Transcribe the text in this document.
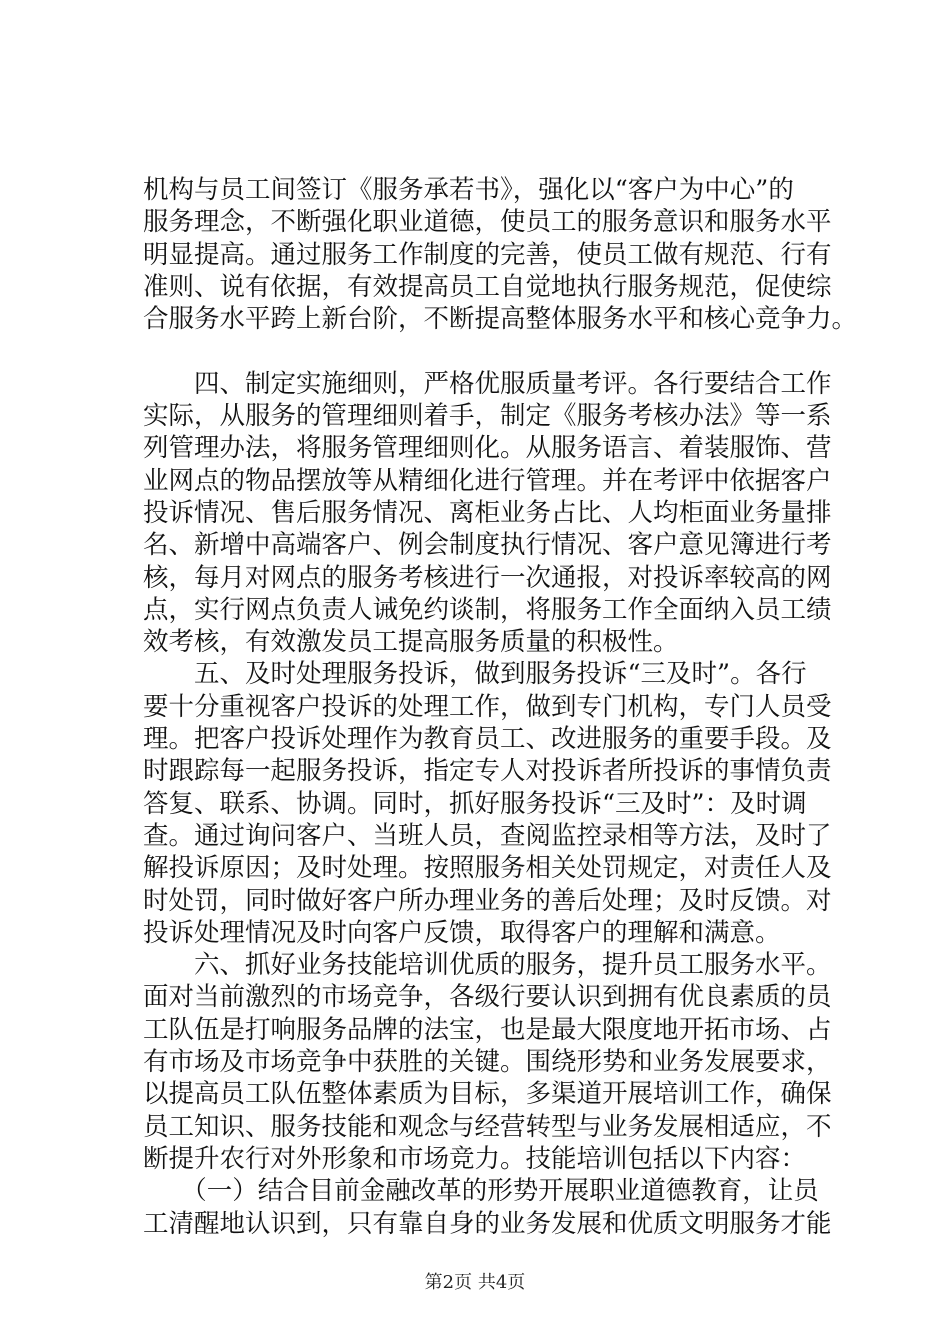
机构与员工间签订《服务承若书》，强化以“客户为中心”的
服务理念，不断强化职业道德，使员工的服务意识和服务水平
明显提高。通过服务工作制度的完善，使员工做有规范、行有
准则、说有依据，有效提高员工自觉地执行服务规范，促使综
合服务水平跨上新台阶，不断提高整体服务水平和核心竞争力。
　　四、制定实施细则，严格优服质量考评。各行要结合工作
实际，从服务的管理细则着手，制定《服务考核办法》等一系
列管理办法，将服务管理细则化。从服务语言、着装服饰、营
业网点的物品摆放等从精细化进行管理。并在考评中依据客户
投诉情况、售后服务情况、离柜业务占比、人均柜面业务量排
名、新增中高端客户、例会制度执行情况、客户意见簿进行考
核，每月对网点的服务考核进行一次通报，对投诉率较高的网
点，实行网点负责人诫免约谈制，将服务工作全面纳入员工绩
效考核，有效激发员工提高服务质量的积极性。
　　五、及时处理服务投诉，做到服务投诉“三及时”。各行
要十分重视客户投诉的处理工作，做到专门机构，专门人员受
理。把客户投诉处理作为教育员工、改进服务的重要手段。及
时跟踪每一起服务投诉，指定专人对投诉者所投诉的事情负责
答复、联系、协调。同时，抓好服务投诉“三及时”：及时调
查。通过询问客户、当班人员，查阅监控录相等方法，及时了
解投诉原因；及时处理。按照服务相关处罚规定，对责任人及
时处罚，同时做好客户所办理业务的善后处理；及时反馈。对
投诉处理情况及时向客户反馈，取得客户的理解和满意。
　　六、抓好业务技能培训优质的服务，提升员工服务水平。
面对当前激烈的市场竞争，各级行要认识到拥有优良素质的员
工队伍是打响服务品牌的法宝，也是最大限度地开拓市场、占
有市场及市场竞争中获胜的关键。围绕形势和业务发展要求，
以提高员工队伍整体素质为目标，多渠道开展培训工作，确保
员工知识、服务技能和观念与经营转型与业务发展相适应，不
断提升农行对外形象和市场竞力。技能培训包括以下内容：
　　（一）结合目前金融改革的形势开展职业道德教育，让员
工清醒地认识到，只有靠自身的业务发展和优质文明服务才能
第2页 共4页
